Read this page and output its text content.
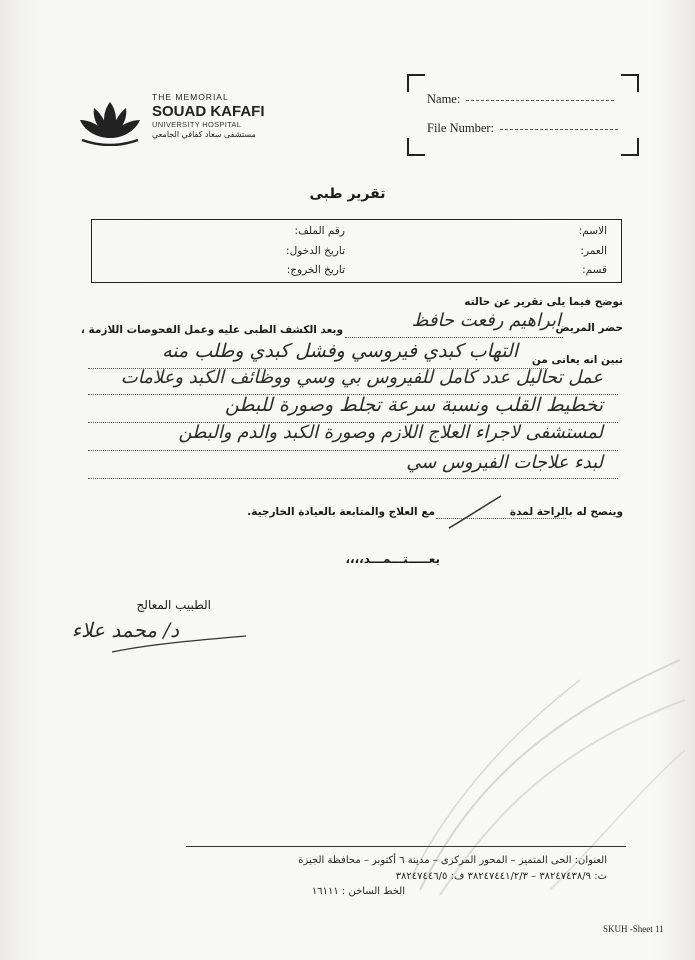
THE MEMORIAL
SOUAD KAFAFI
UNIVERSITY HOSPITAL
مستشفى سعاد كفافي الجامعي
Name:
File Number:
تقرير طبى
الاسم:
رقم الملف:
العمر:
تاريخ الدخول:
قسم:
تاريخ الخروج:
نوضح فيما يلى تقرير عن حالته
حضر المريض
ابراهيم رفعت حافظ
وبعد الكشف الطبى عليه وعمل الفحوصات اللازمة ،
تبين انه يعانى من
التهاب كبدي فيروسي وفشل كبدي وطلب منه
عمل تحاليل عدد كامل للفيروس بي وسي ووظائف الكبد وعلامات
تخطيط القلب ونسبة سرعة تجلط وصورة للبطن
لمستشفى لاجراء العلاج اللازم وصورة الكبد والدم والبطن
لبدء علاجات الفيروس سي
وينصح له بالراحة لمدة
مع العلاج والمتابعة بالعيادة الخارجية.
يعـــــتـــمـــد،،،،
الطبيب المعالج
د/ محمد علاء
العنوان: الحى المتميز – المحور المركزى – مدينة ٦ أكتوبر – محافظة الجيزة
ت: ٣٨٢٤٧٤٣٨/٩ – ٣٨٢٤٧٤٤١/٢/٣ ف: ٣٨٢٤٧٤٤٦/٥
الخط الساخن : ١٦١١١
SKUH -Sheet 11
